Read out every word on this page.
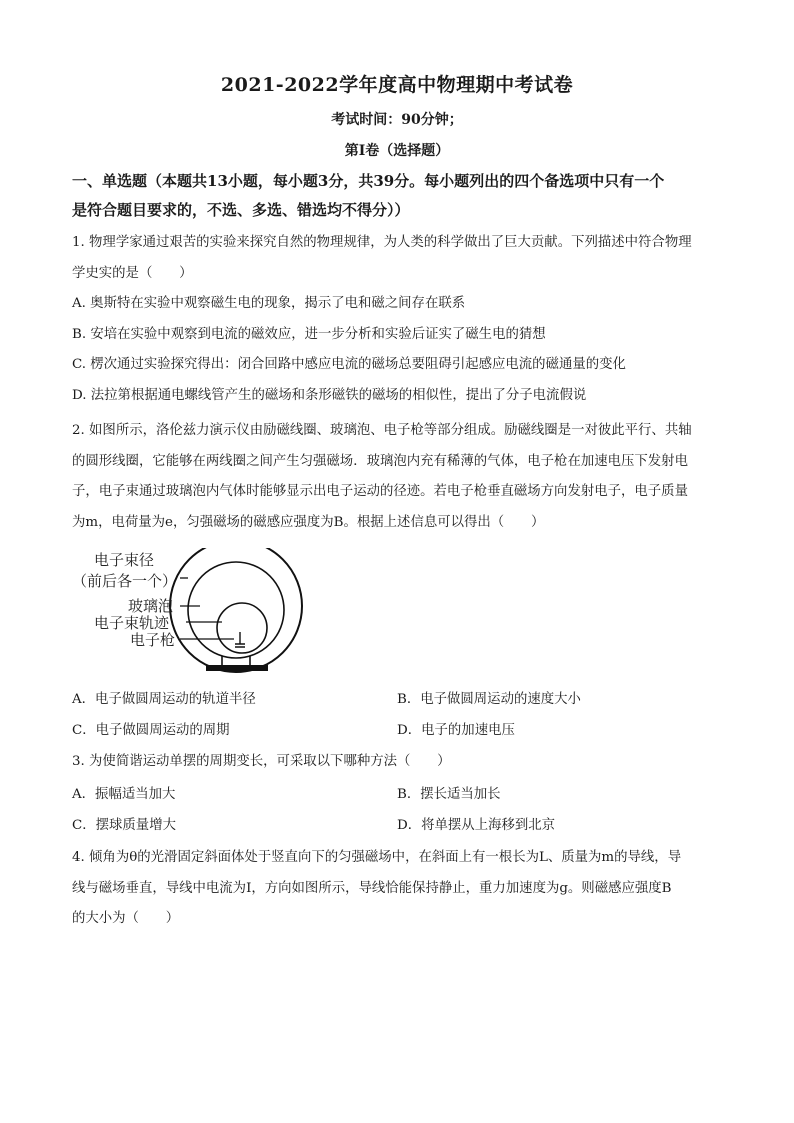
2021-2022学年度高中物理期中考试卷
考试时间：90分钟；
第I卷（选择题）
一、单选题（本题共13小题，每小题3分，共39分。每小题列出的四个备选项中只有一个
是符合题目要求的，不选、多选、错选均不得分））
1. 物理学家通过艰苦的实验来探究自然的物理规律，为人类的科学做出了巨大贡献。下列描述中符合物理
学史实的是（　　）
A. 奥斯特在实验中观察磁生电的现象，揭示了电和磁之间存在联系
B. 安培在实验中观察到电流的磁效应，进一步分析和实验后证实了磁生电的猜想
C. 楞次通过实验探究得出：闭合回路中感应电流的磁场总要阻碍引起感应电流的磁通量的变化
D. 法拉第根据通电螺线管产生的磁场和条形磁铁的磁场的相似性，提出了分子电流假说
2. 如图所示，洛伦兹力演示仪由励磁线圈、玻璃泡、电子枪等部分组成。励磁线圈是一对彼此平行、共轴
的圆形线圈，它能够在两线圈之间产生匀强磁场．玻璃泡内充有稀薄的气体，电子枪在加速电压下发射电
子，电子束通过玻璃泡内气体时能够显示出电子运动的径迹。若电子枪垂直磁场方向发射电子，电子质量
为m，电荷量为e，匀强磁场的磁感应强度为B。根据上述信息可以得出（　　）
电子束径
（前后各一个）
玻璃泡
电子束轨迹
电子枪
A．电子做圆周运动的轨道半径	B．电子做圆周运动的速度大小
C．电子做圆周运动的周期	D．电子的加速电压
3. 为使简谐运动单摆的周期变长，可采取以下哪种方法（　　）
A．振幅适当加大	B．摆长适当加长
C．摆球质量增大	D．将单摆从上海移到北京
4. 倾角为θ的光滑固定斜面体处于竖直向下的匀强磁场中，在斜面上有一根长为L、质量为m的导线，导
线与磁场垂直，导线中电流为I，方向如图所示，导线恰能保持静止，重力加速度为g。则磁感应强度B
的大小为（　　）
